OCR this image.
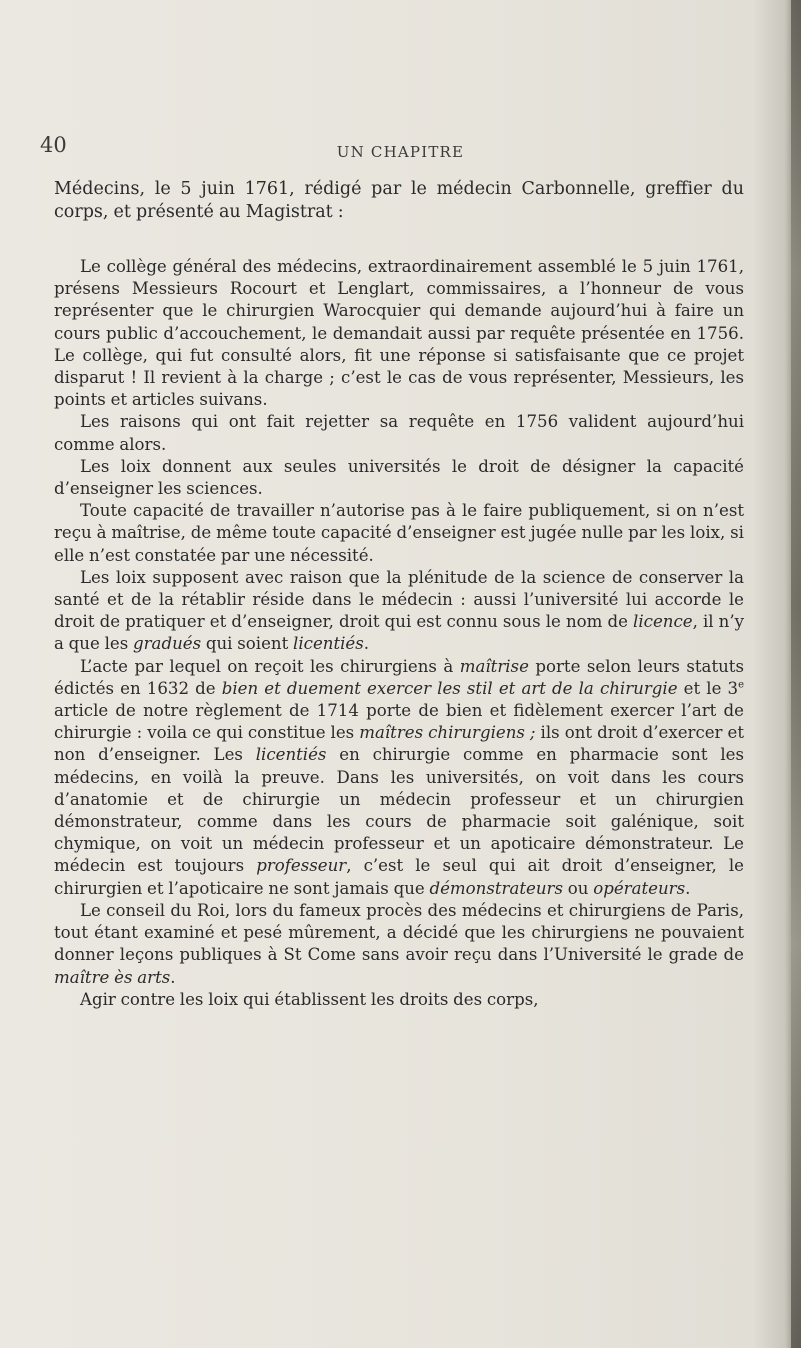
40	UN CHAPITRE

Médecins, le 5 juin 1761, rédigé par le médecin Carbonnelle, greffier du corps, et présenté au Magistrat :

Le collège général des médecins, extraordinairement assemblé le 5 juin 1761, présens Messieurs Rocourt et Lenglart, commissaires, a l’honneur de vous représenter que le chirurgien Warocquier qui demande aujourd’hui à faire un cours public d’accouchement, le demandait aussi par requête présentée en 1756. Le collège, qui fut consulté alors, fit une réponse si satisfaisante que ce projet disparut ! Il revient à la charge ; c’est le cas de vous représenter, Messieurs, les points et articles suivans.

Les raisons qui ont fait rejetter sa requête en 1756 valident aujourd’hui comme alors.

Les loix donnent aux seules universités le droit de désigner la capacité d’enseigner les sciences.

Toute capacité de travailler n’autorise pas à le faire publiquement, si on n’est reçu à maîtrise, de même toute capacité d’enseigner est jugée nulle par les loix, si elle n’est constatée par une nécessité.

Les loix supposent avec raison que la plénitude de la science de conserver la santé et de la rétablir réside dans le médecin : aussi l’université lui accorde le droit de pratiquer et d’enseigner, droit qui est connu sous le nom de licence, il n’y a que les gradués qui soient licentiés.

L’acte par lequel on reçoit les chirurgiens à maîtrise porte selon leurs statuts édictés en 1632 de bien et duement exercer les stil et art de la chirurgie et le 3e article de notre règlement de 1714 porte de bien et fidèlement exercer l’art de chirurgie : voila ce qui constitue les maîtres chirurgiens ; ils ont droit d’exercer et non d’enseigner. Les licentiés en chirurgie comme en pharmacie sont les médecins, en voilà la preuve. Dans les universités, on voit dans les cours d’anatomie et de chirurgie un médecin professeur et un chirurgien démonstrateur, comme dans les cours de pharmacie soit galénique, soit chymique, on voit un médecin professeur et un apoticaire démonstrateur. Le médecin est toujours professeur, c’est le seul qui ait droit d’enseigner, le chirurgien et l’apoticaire ne sont jamais que démonstrateurs ou opérateurs.

Le conseil du Roi, lors du fameux procès des médecins et chirurgiens de Paris, tout étant examiné et pesé mûrement, a décidé que les chirurgiens ne pouvaient donner leçons publiques à St Come sans avoir reçu dans l’Université le grade de maître ès arts.

Agir contre les loix qui établissent les droits des corps,
